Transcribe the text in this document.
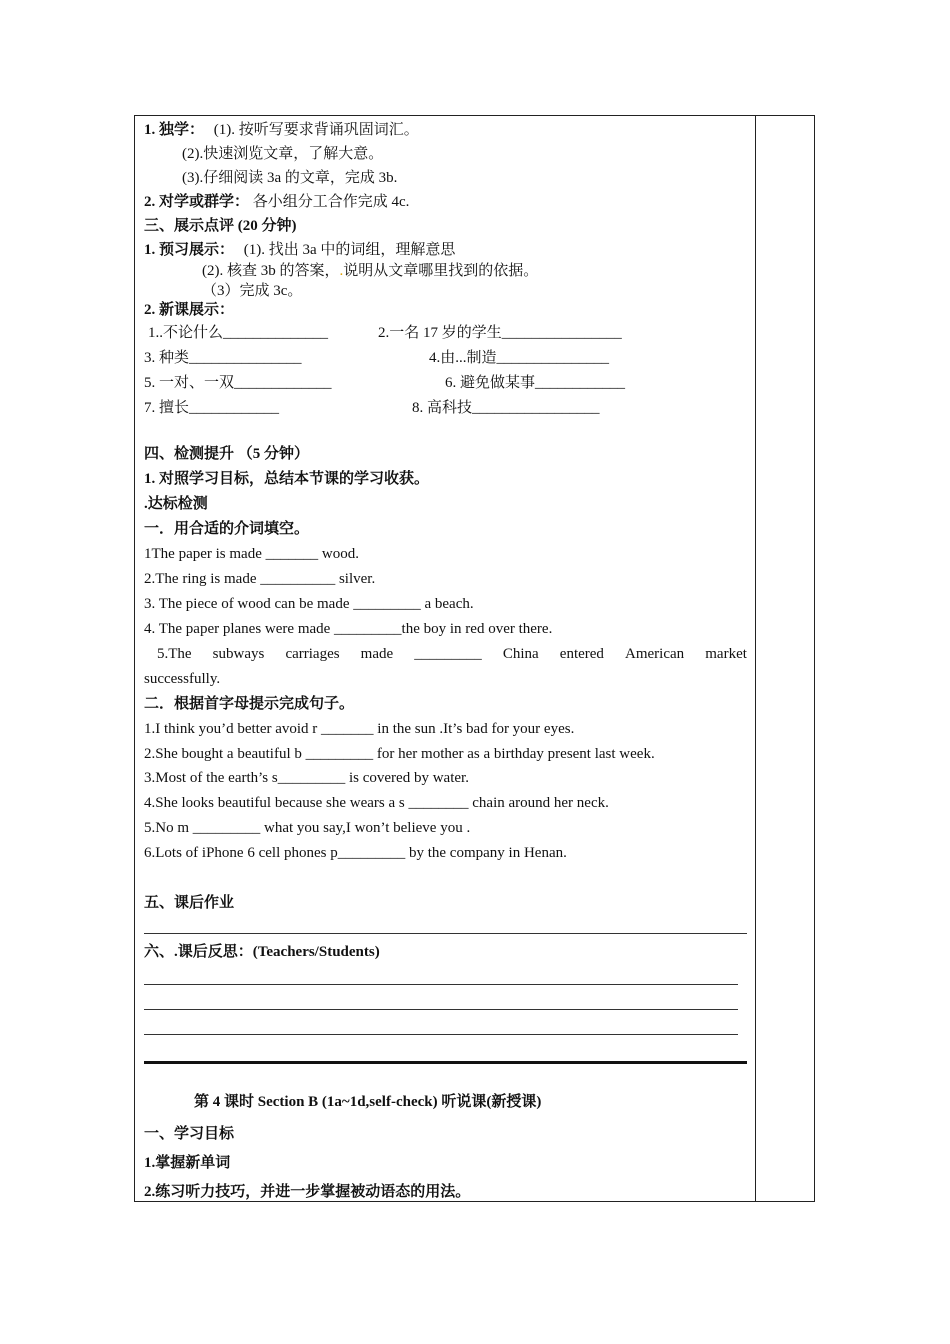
1. 独学： (1). 按听写要求背诵巩固词汇。
(2).快速浏览文章，了解大意。
(3).仔细阅读 3a 的文章，完成 3b.
2. 对学或群学： 各小组分工合作完成 4c.
三、展示点评 (20 分钟)
1. 预习展示： (1). 找出 3a 中的词组，理解意思
(2). 核查 3b 的答案，.说明从文章哪里找到的依据。
（3）完成 3c。
2. 新课展示：
1..不论什么______________	2.一名 17 岁的学生________________
3. 种类_______________	4.由...制造_______________
5. 一对、一双_____________	6. 避免做某事____________
7. 擅长____________	8. 高科技_________________
四、检测提升 （5 分钟）
1. 对照学习目标，总结本节课的学习收获。
.达标检测
一．用合适的介词填空。
1The paper is made _______ wood.
2.The ring is made __________ silver.
3. The piece of wood can be made _________ a beach.
4. The paper planes were made _________the boy in red over there.
5.The subways carriages made _________ China entered American market
successfully.
二．根据首字母提示完成句子。
1.I think you’d better avoid r _______ in the sun .It’s bad for your eyes.
2.She bought a beautiful b _________ for her mother as a birthday present last week.
3.Most of the earth’s s_________ is covered by water.
4.She looks beautiful because she wears a s ________ chain around her neck.
5.No m _________ what you say,I won’t believe you .
6.Lots of iPhone 6 cell phones p_________ by the company in Henan.
五、课后作业
六、.课后反思：(Teachers/Students)
第 4 课时 Section B (1a~1d,self-check) 听说课(新授课)
一、学习目标
1.掌握新单词
2.练习听力技巧，并进一步掌握被动语态的用法。
